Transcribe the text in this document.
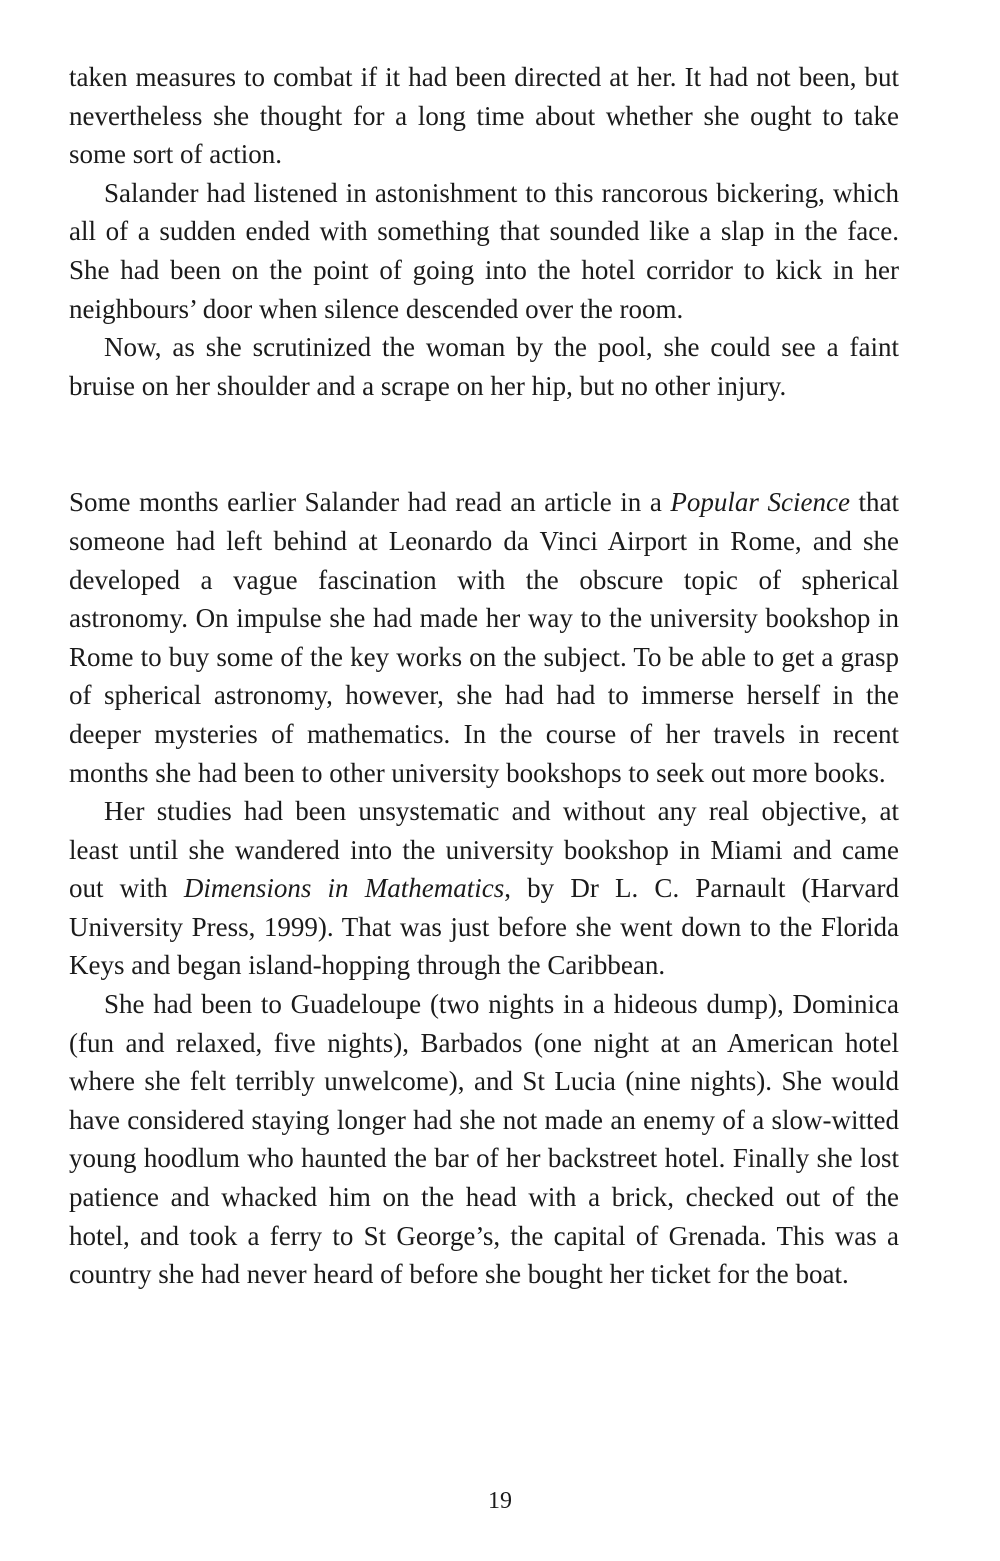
taken measures to combat if it had been directed at her. It had not been, but nevertheless she thought for a long time about whether she ought to take some sort of action.

Salander had listened in astonishment to this rancorous bickering, which all of a sudden ended with something that sounded like a slap in the face. She had been on the point of going into the hotel corridor to kick in her neighbours’ door when silence descended over the room.

Now, as she scrutinized the woman by the pool, she could see a faint bruise on her shoulder and a scrape on her hip, but no other injury.

Some months earlier Salander had read an article in a Popular Science that someone had left behind at Leonardo da Vinci Airport in Rome, and she developed a vague fascination with the obscure topic of spherical astronomy. On impulse she had made her way to the university bookshop in Rome to buy some of the key works on the subject. To be able to get a grasp of spherical astronomy, however, she had had to immerse herself in the deeper mysteries of mathematics. In the course of her travels in recent months she had been to other university bookshops to seek out more books.

Her studies had been unsystematic and without any real objective, at least until she wandered into the university bookshop in Miami and came out with Dimensions in Mathematics, by Dr L. C. Parnault (Harvard University Press, 1999). That was just before she went down to the Florida Keys and began island-hopping through the Caribbean.

She had been to Guadeloupe (two nights in a hideous dump), Dominica (fun and relaxed, five nights), Barbados (one night at an American hotel where she felt terribly unwelcome), and St Lucia (nine nights). She would have considered staying longer had she not made an enemy of a slow-witted young hoodlum who haunted the bar of her backstreet hotel. Finally she lost patience and whacked him on the head with a brick, checked out of the hotel, and took a ferry to St George’s, the capital of Grenada. This was a country she had never heard of before she bought her ticket for the boat.

19
